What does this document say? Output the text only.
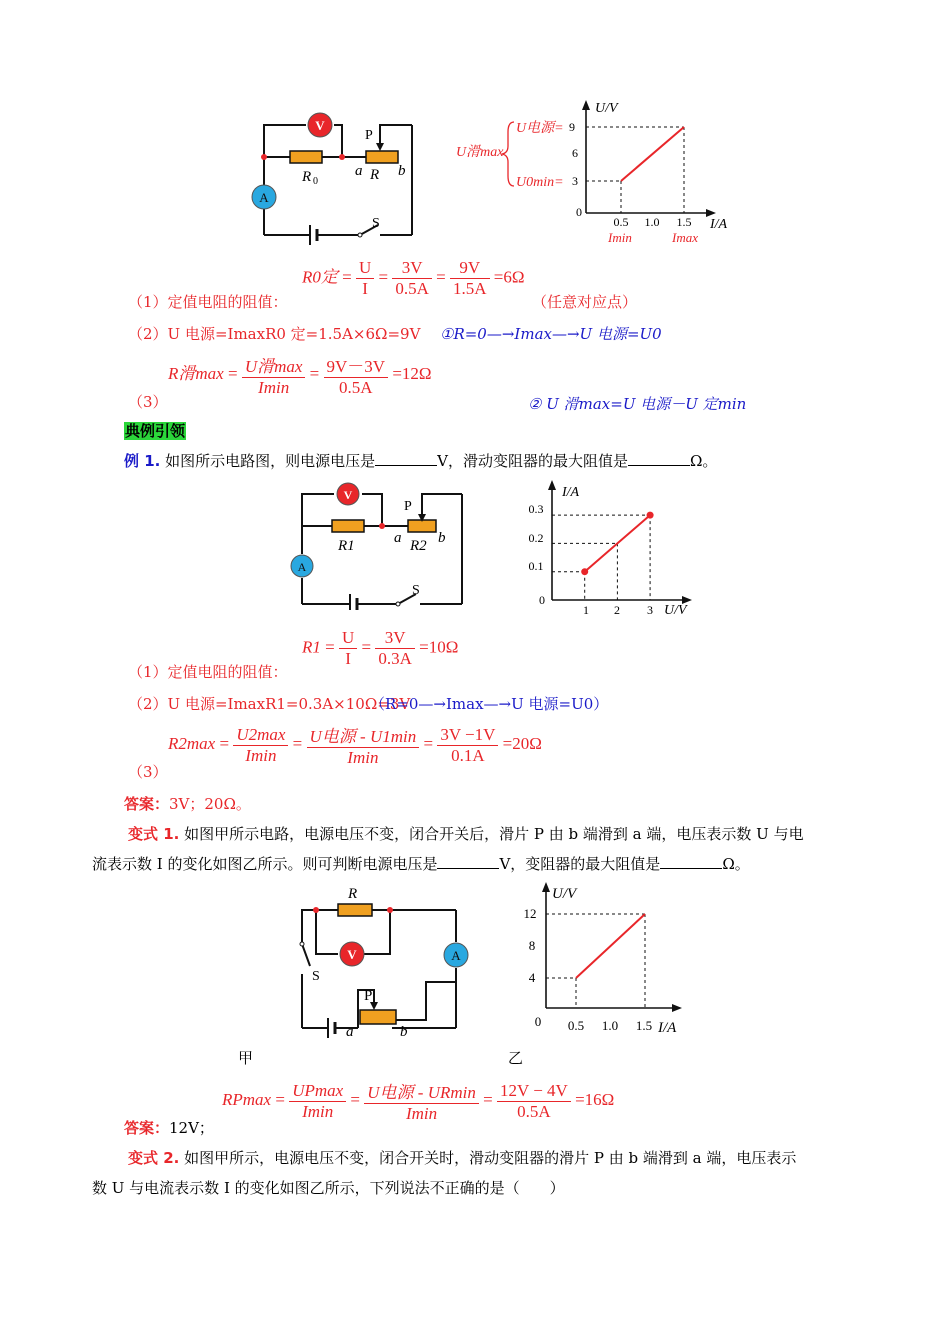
V
A
R 0
a R b
P
S
U/V
I/A
9
6
3
0
0.5 1.0 1.5
U滑max
U电源=
U0min=
Imin	Imax
（1）定值电阻的阻值：
R0定 = $\frac{U}{I} = \frac{3V}{0.5A} = \frac{9V}{1.5A} =6\Omega$
（任意对应点）
（2）U 电源=ImaxR0 定=1.5A×6Ω=9V ①R=0—→Imax—→U 电源=U0
R滑$\max = \frac{\text{U滑max}}{Imin} = \frac{9V-3V}{0.5A} =12\Omega$
（3）	② U 滑max=U 电源－U 定min
典例引领
例 1. 如图所示电路图，则电源电压是	V，滑动变阻器的最大阻值是	Ω。
V
A
R1	a R2 b
P
S
I/A
U/V
0.3
0.2
0.1
0
1 2 3
$R1 = \frac{U}{I} = \frac{3V}{0.3A} =10\Omega$
（1）定值电阻的阻值：
（2）U 电源=ImaxR1=0.3A×10Ω=3V
（R=0—→Imax—→U 电源=U0）
$R2\max = \frac{U2\max}{Imin} = \frac{\text{U电源 - U1min}}{Imin} = \frac{3V -1V}{0.1A} =20\Omega$
（3）
答案：3V；20Ω。
变式 1. 如图甲所示电路，电源电压不变，闭合开关后，滑片 P 由 b 端滑到 a 端，电压表示数 U 与电
流表示数 I 的变化如图乙所示。则可判断电源电压是	V，变阻器的最大阻值是	Ω。
V	A
R
S
P
a	b
U/V
I/A
12
8
4
0 0.5 1.0 1.5
甲	乙
$RPmax = \frac{UPmax}{Imin} = \frac{\text{U电源 - URmin}}{Imin} = \frac{12V - 4V}{0.5A} =16\Omega$
答案：12V；
变式 2. 如图甲所示，电源电压不变，闭合开关时，滑动变阻器的滑片 P 由 b 端滑到 a 端，电压表示
数 U 与电流表示数 I 的变化如图乙所示，下列说法不正确的是（　　）
